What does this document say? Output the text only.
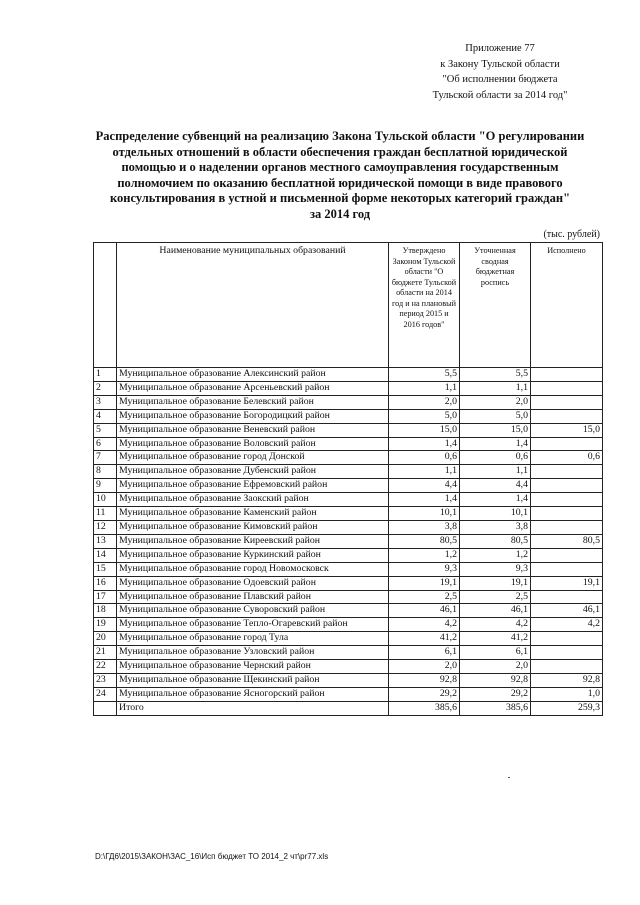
Приложение 77
к Закону Тульской области
"Об исполнении бюджета
Тульской области за 2014 год"
Распределение субвенций на реализацию Закона Тульской области "О регулировании
отдельных отношений в области обеспечения граждан бесплатной юридической
помощью и о наделении органов местного самоуправления государственным
полномочием по оказанию бесплатной юридической помощи в виде правового
консультирования в устной и письменной форме некоторых категорий граждан"
за 2014 год
(тыс. рублей)
	Наименование муниципальных образований	Утверждено Законом Тульской области "О бюджете Тульской области на 2014 год и на плановый период 2015 и 2016 годов"	Уточненная сводная бюджетная роспись	Исполнено
1	Муниципальное образование Алексинский район	5,5	5,5	
2	Муниципальное образование Арсеньевский район	1,1	1,1	
3	Муниципальное образование Белевский район	2,0	2,0	
4	Муниципальное образование Богородицкий район	5,0	5,0	
5	Муниципальное образование Веневский район	15,0	15,0	15,0
6	Муниципальное образование Воловский район	1,4	1,4	
7	Муниципальное образование город Донской	0,6	0,6	0,6
8	Муниципальное образование Дубенский район	1,1	1,1	
9	Муниципальное образование Ефремовский район	4,4	4,4	
10	Муниципальное образование Заокский район	1,4	1,4	
11	Муниципальное образование Каменский район	10,1	10,1	
12	Муниципальное образование Кимовский район	3,8	3,8	
13	Муниципальное образование Киреевский район	80,5	80,5	80,5
14	Муниципальное образование Куркинский район	1,2	1,2	
15	Муниципальное образование город Новомосковск	9,3	9,3	
16	Муниципальное образование Одоевский район	19,1	19,1	19,1
17	Муниципальное образование Плавский район	2,5	2,5	
18	Муниципальное образование Суворовский район	46,1	46,1	46,1
19	Муниципальное образование Тепло-Огаревский район	4,2	4,2	4,2
20	Муниципальное образование город Тула	41,2	41,2	
21	Муниципальное образование Узловский район	6,1	6,1	
22	Муниципальное образование Чернский район	2,0	2,0	
23	Муниципальное образование Щекинский район	92,8	92,8	92,8
24	Муниципальное образование Ясногорский район	29,2	29,2	1,0
	Итого	385,6	385,6	259,3
D:\ГД6\2015\ЗАКОН\ЗАС_16\Исп бюджет ТО 2014_2 чт\pr77.xls
